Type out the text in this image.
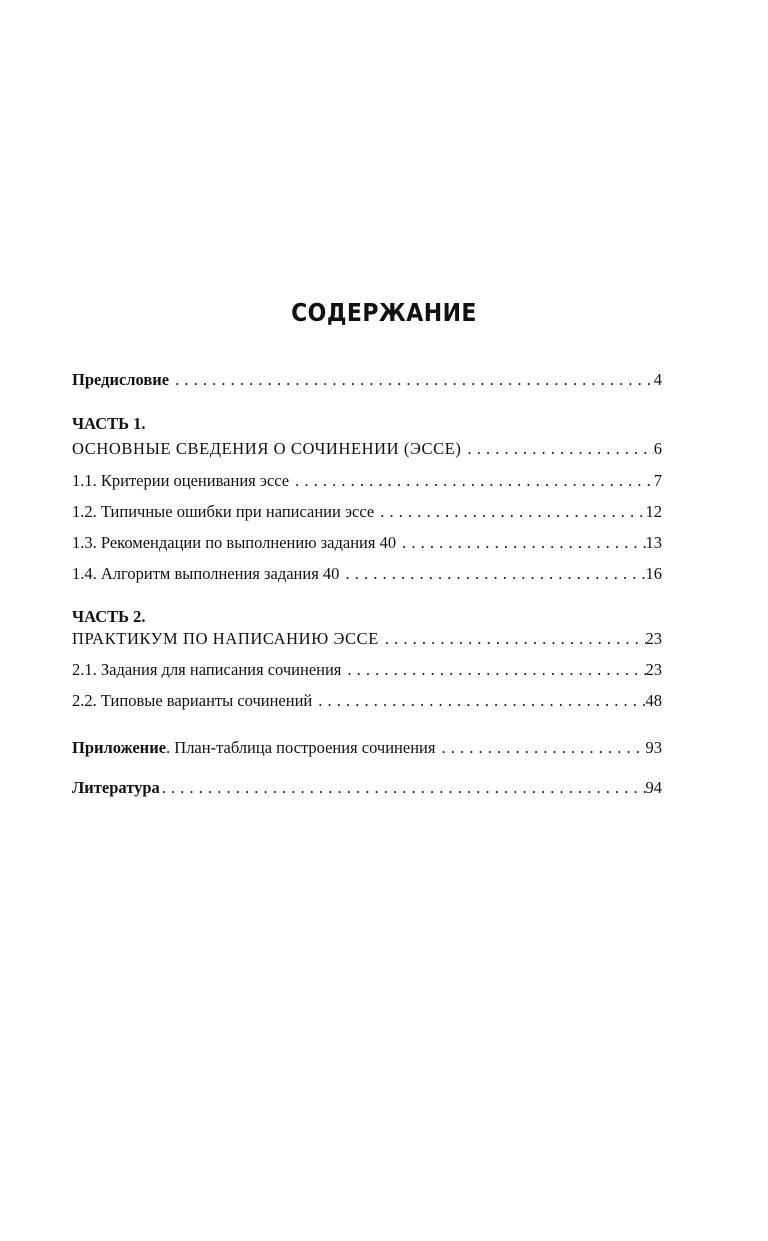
СОДЕРЖАНИЕ
Предисловие . . .	4
ЧАСТЬ 1.
ОСНОВНЫЕ СВЕДЕНИЯ О СОЧИНЕНИИ (ЭССЕ) . . .	6
1.1. Критерии оценивания эссе . . .	7
1.2. Типичные ошибки при написании эссе . . .	12
1.3. Рекомендации по выполнению задания 40 . . .	13
1.4. Алгоритм выполнения задания 40 . . .	16
ЧАСТЬ 2.
ПРАКТИКУМ ПО НАПИСАНИЮ ЭССЕ . . .	23
2.1. Задания для написания сочинения . . .	23
2.2. Типовые варианты сочинений . . .	48
Приложение. План-таблица построения сочинения . . .	93
Литература . . .	94
